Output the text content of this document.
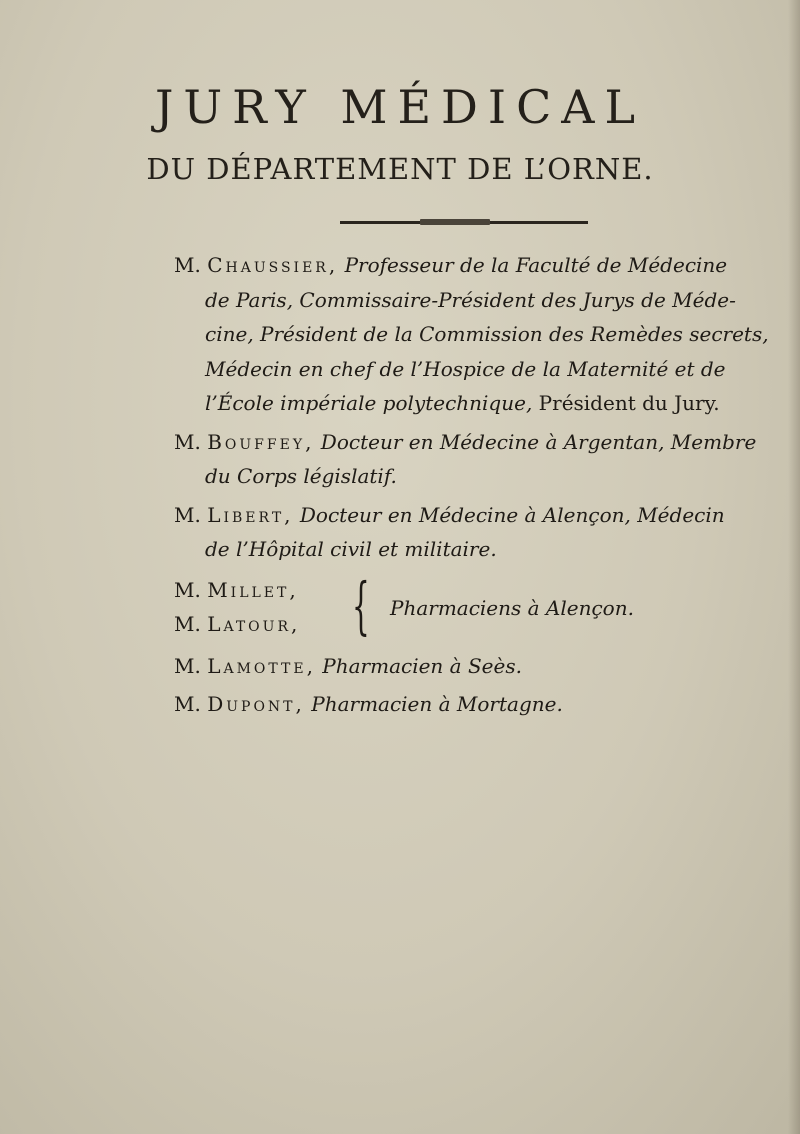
JURY MÉDICAL
DU DÉPARTEMENT DE L’ORNE.
M. Chaussier, Professeur de la Faculté de Médecine
de Paris, Commissaire-Président des Jurys de Méde-
cine, Président de la Commission des Remèdes secrets,
Médecin en chef de l’Hospice de la Maternité et de
l’École impériale polytechnique, Président du Jury.
M. Bouffey, Docteur en Médecine à Argentan, Membre
du Corps législatif.
M. Libert, Docteur en Médecine à Alençon, Médecin
de l’Hôpital civil et militaire.
M. Millet,
M. Latour, { Pharmaciens à Alençon.
M. Lamotte, Pharmacien à Seès.
M. Dupont, Pharmacien à Mortagne.
